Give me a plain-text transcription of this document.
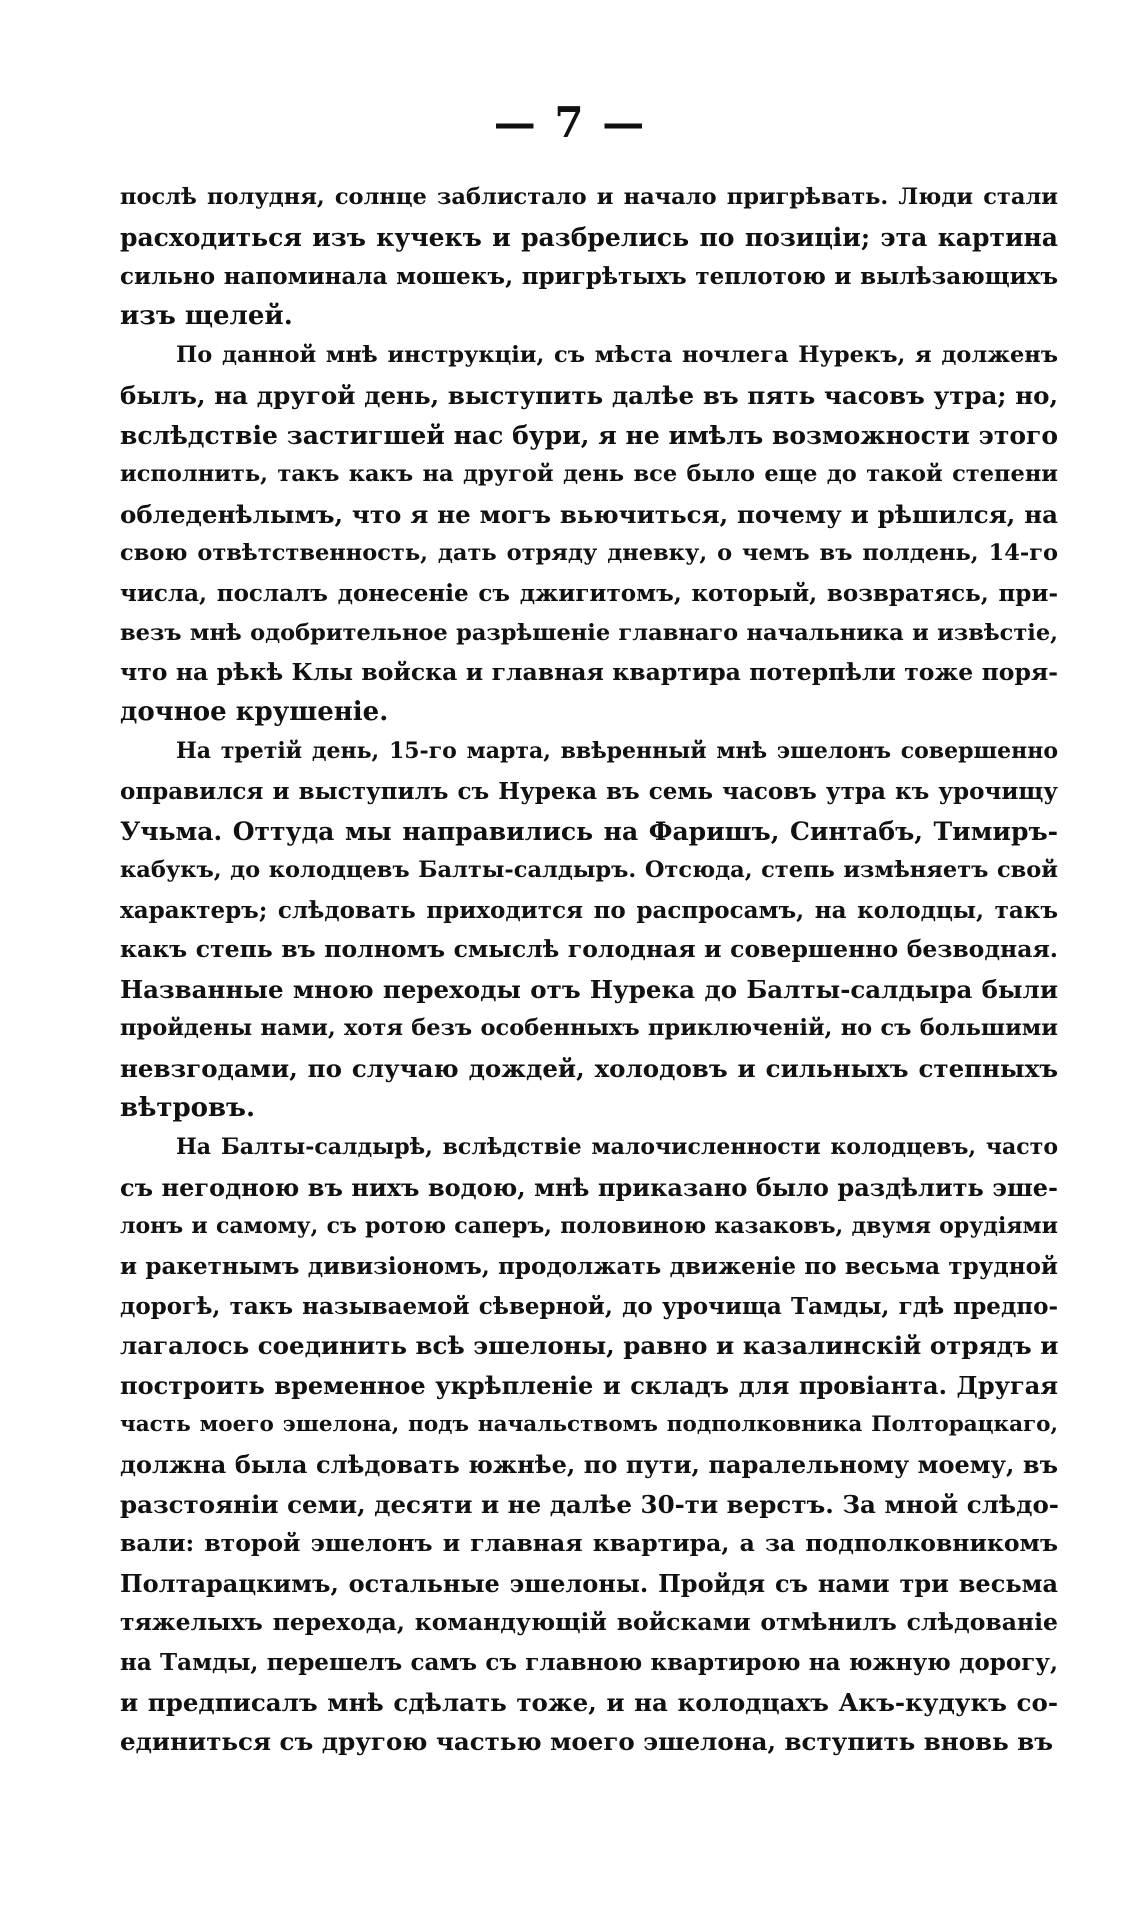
— 7 —

послѣ полудня, солнце заблистало и начало пригрѣвать. Люди стали
расходиться изъ кучекъ и разбрелись по позиціи; эта картина
сильно напоминала мошекъ, пригрѣтыхъ теплотою и вылѣзающихъ
изъ щелей.

По данной мнѣ инструкціи, съ мѣста ночлега Нурекъ, я долженъ
былъ, на другой день, выступить далѣе въ пять часовъ утра; но,
вслѣдствіе застигшей нас бури, я не имѣлъ возможности этого
исполнить, такъ какъ на другой день все было еще до такой степени
обледенѣлымъ, что я не могъ вьючиться, почему и рѣшился, на
свою отвѣтственность, дать отряду дневку, о чемъ въ полдень, 14-го
числа, послалъ донесеніе съ джигитомъ, который, возвратясь, при-
везъ мнѣ одобрительное разрѣшеніе главнаго начальника и извѣстіе,
что на рѣкѣ Клы войска и главная квартира потерпѣли тоже поря-
дочное крушеніе.

На третій день, 15-го марта, ввѣренный мнѣ эшелонъ совершенно
оправился и выступилъ съ Нурека въ семь часовъ утра къ урочищу
Учьма. Оттуда мы направились на Фаришъ, Синтабъ, Тимиръ-
кабукъ, до колодцевъ Балты-салдыръ. Отсюда, степь измѣняетъ свой
характеръ; слѣдовать приходится по распросамъ, на колодцы, такъ
какъ степь въ полномъ смыслѣ голодная и совершенно безводная.
Названные мною переходы отъ Нурека до Балты-салдыра были
пройдены нами, хотя безъ особенныхъ приключеній, но съ большими
невзгодами, по случаю дождей, холодовъ и сильныхъ степныхъ
вѣтровъ.

На Балты-салдырѣ, вслѣдствіе малочисленности колодцевъ, часто
съ негодною въ нихъ водою, мнѣ приказано было раздѣлить эше-
лонъ и самому, съ ротою саперъ, половиною казаковъ, двумя орудіями
и ракетнымъ дивизіономъ, продолжать движеніе по весьма трудной
дорогѣ, такъ называемой сѣверной, до урочища Тамды, гдѣ предпо-
лагалось соединить всѣ эшелоны, равно и казалинскій отрядъ и
построить временное укрѣпленіе и складъ для провіанта. Другая
часть моего эшелона, подъ начальствомъ подполковника Полторацкаго,
должна была слѣдовать южнѣе, по пути, паралельному моему, въ
разстояніи семи, десяти и не далѣе 30-ти верстъ. За мной слѣдо-
вали: второй эшелонъ и главная квартира, а за подполковникомъ
Полтарацкимъ, остальные эшелоны. Пройдя съ нами три весьма
тяжелыхъ перехода, командующій войсками отмѣнилъ слѣдованіе
на Тамды, перешелъ самъ съ главною квартирою на южную дорогу,
и предписалъ мнѣ сдѣлать тоже, и на колодцахъ Акъ-кудукъ со-
единиться съ другою частью моего эшелона, вступить вновь въ
